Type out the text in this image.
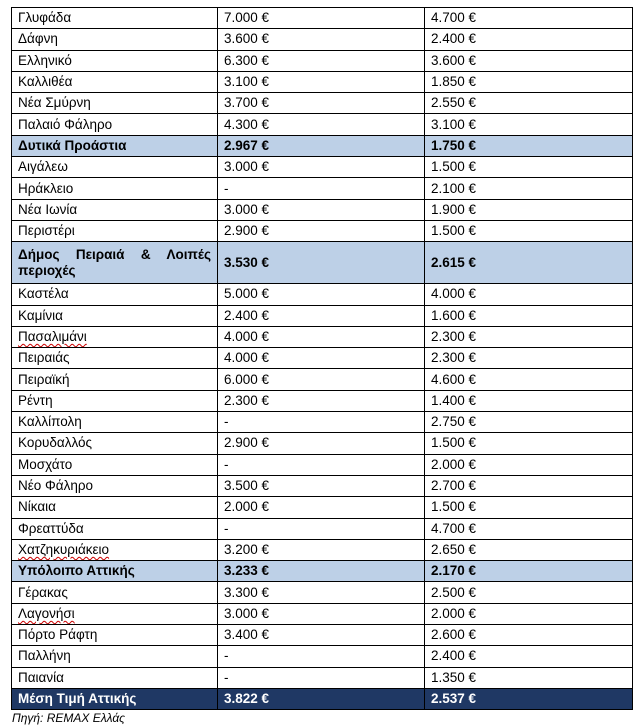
Γλυφάδα	7.000 €	4.700 €
Δάφνη	3.600 €	2.400 €
Ελληνικό	6.300 €	3.600 €
Καλλιθέα	3.100 €	1.850 €
Νέα Σμύρνη	3.700 €	2.550 €
Παλαιό Φάληρο	4.300 €	3.100 €
Δυτικά Προάστια	2.967 €	1.750 €
Αιγάλεω	3.000 €	1.500 €
Ηράκλειο	-	2.100 €
Νέα Ιωνία	3.000 €	1.900 €
Περιστέρι	2.900 €	1.500 €
Δήμος Πειραιά & Λοιπές περιοχές	3.530 €	2.615 €
Καστέλα	5.000 €	4.000 €
Καμίνια	2.400 €	1.600 €
Πασαλιμάνι	4.000 €	2.300 €
Πειραιάς	4.000 €	2.300 €
Πειραϊκή	6.000 €	4.600 €
Ρέντη	2.300 €	1.400 €
Καλλίπολη	-	2.750 €
Κορυδαλλός	2.900 €	1.500 €
Μοσχάτο	-	2.000 €
Νέο Φάληρο	3.500 €	2.700 €
Νίκαια	2.000 €	1.500 €
Φρεαττύδα	-	4.700 €
Χατζηκυριάκειο	3.200 €	2.650 €
Υπόλοιπο Αττικής	3.233 €	2.170 €
Γέρακας	3.300 €	2.500 €
Λαγονήσι	3.000 €	2.000 €
Πόρτο Ράφτη	3.400 €	2.600 €
Παλλήνη	-	2.400 €
Παιανία	-	1.350 €
Μέση Τιμή Αττικής	3.822 €	2.537 €
Πηγή: REMAX Ελλάς
